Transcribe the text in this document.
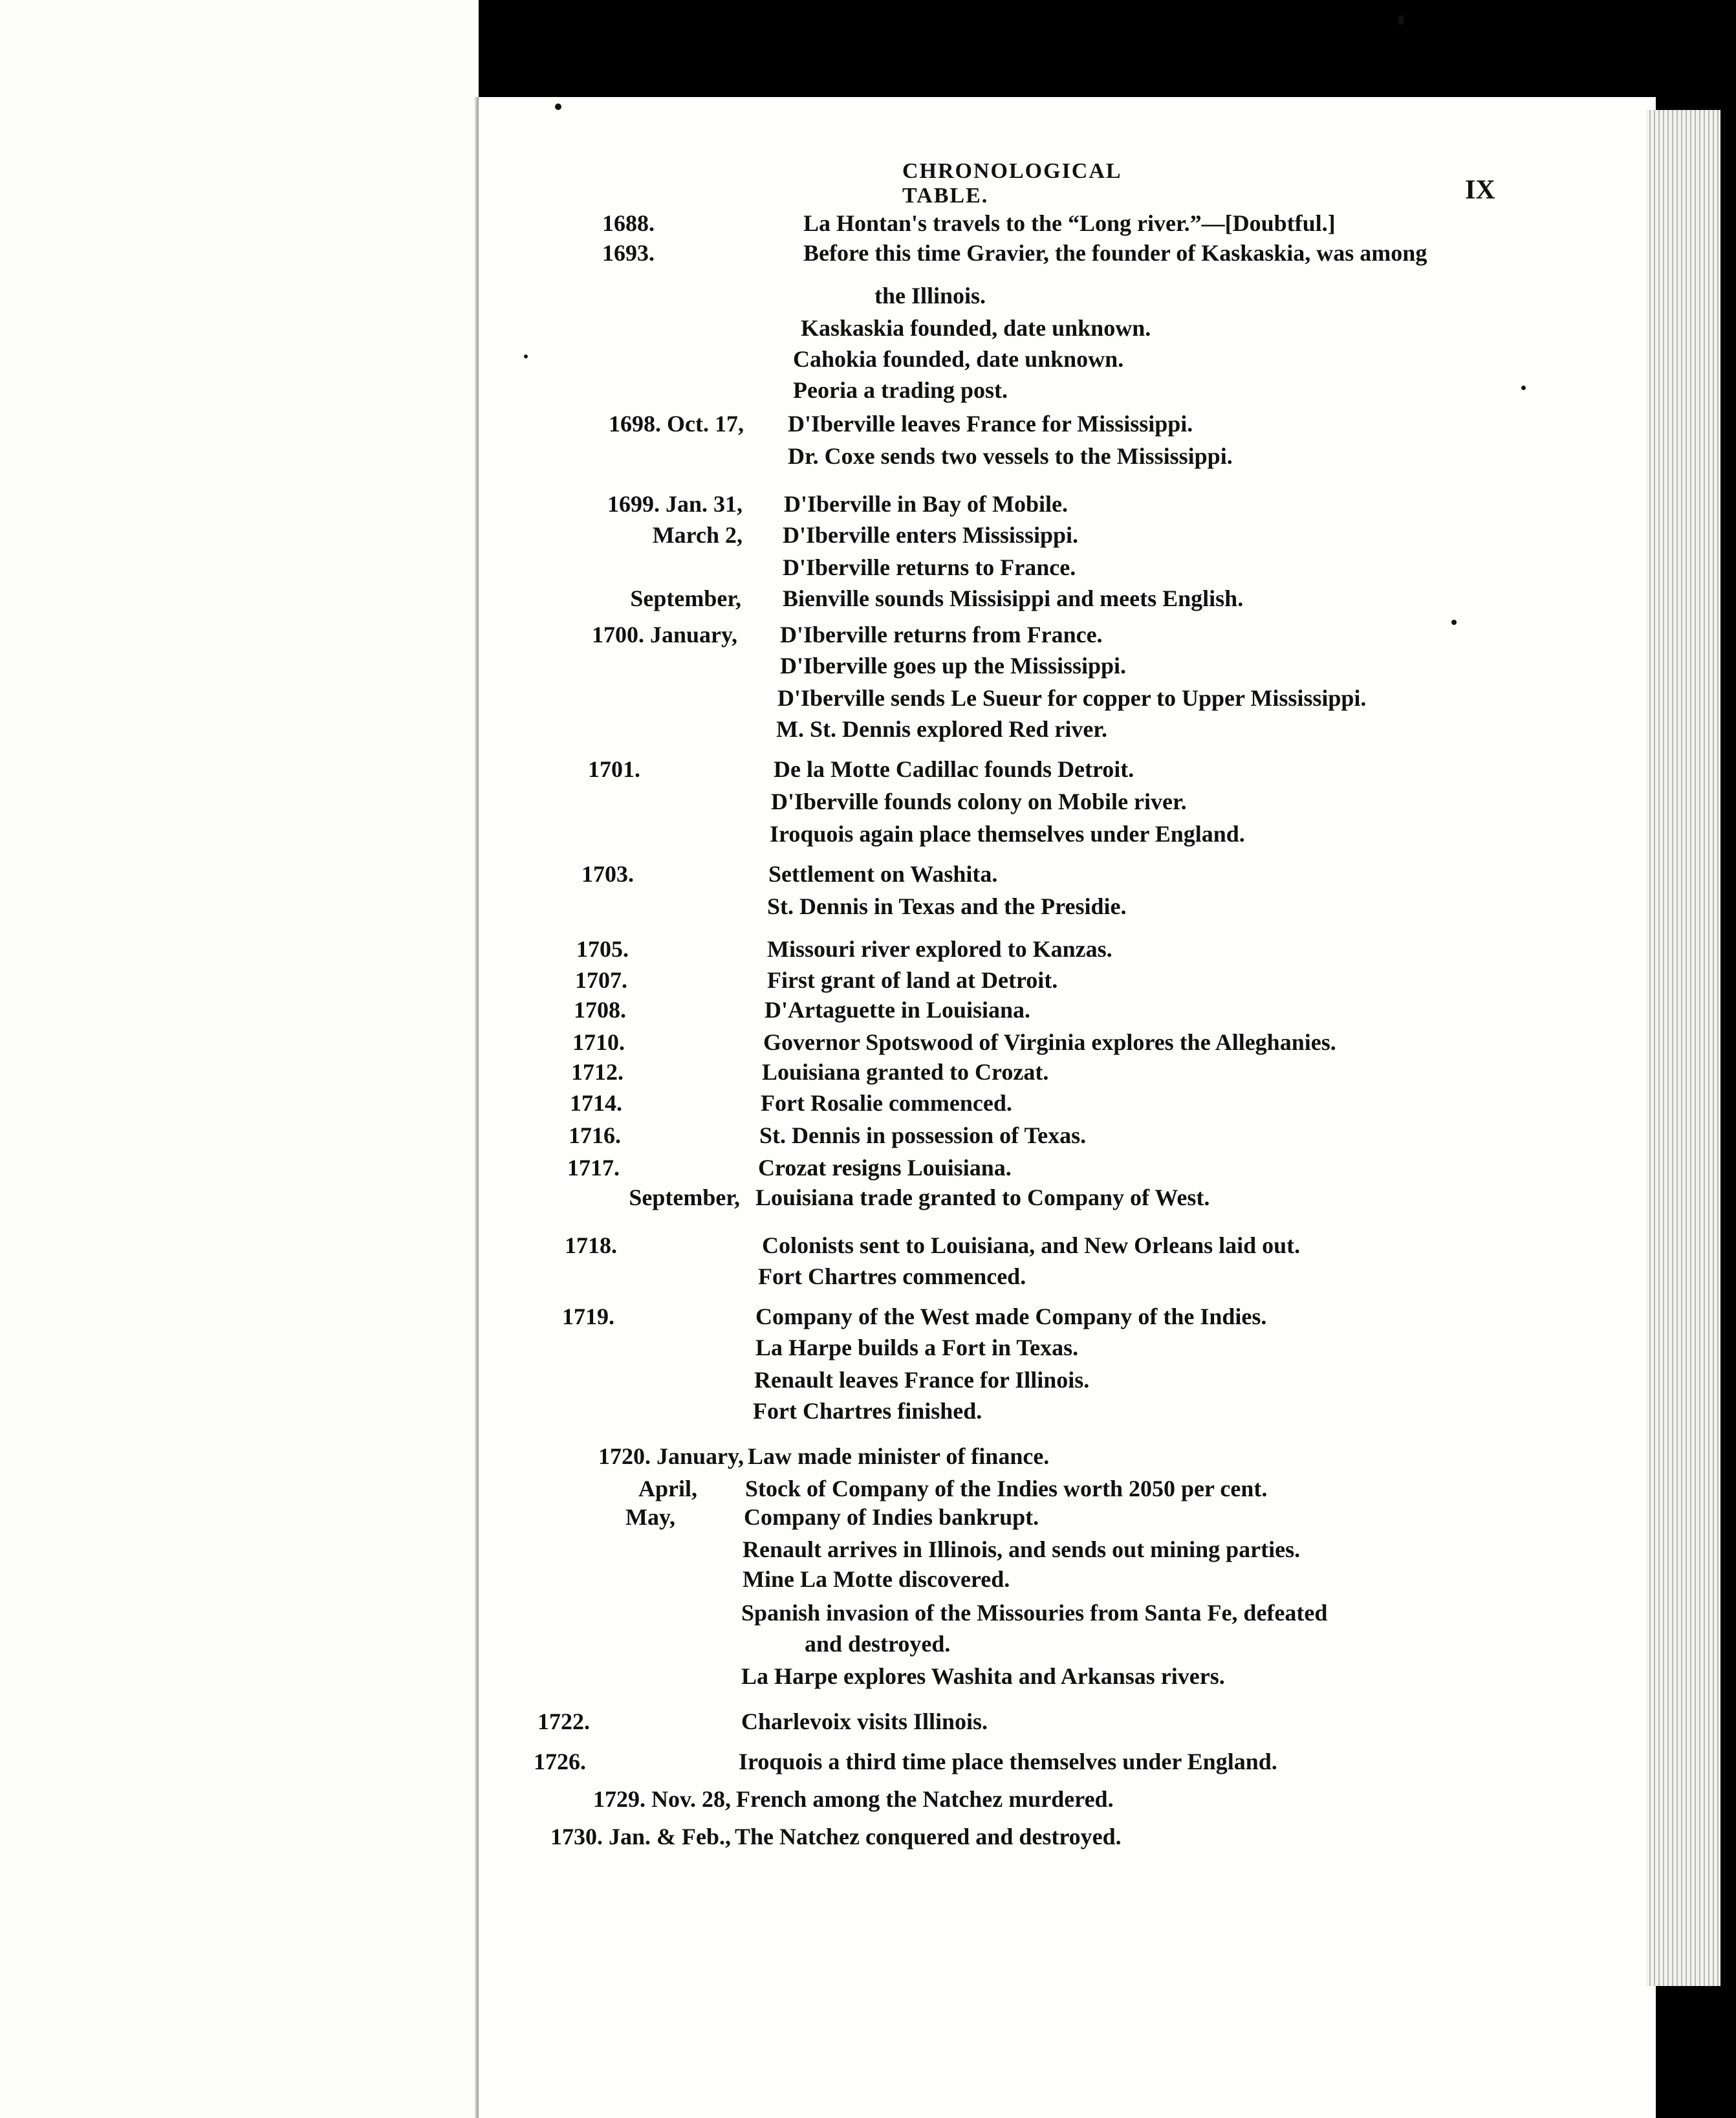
CHRONOLOGICAL TABLE.	IX
1688.	La Hontan's travels to the “Long river.”—[Doubtful.]
1693.	Before this time Gravier, the founder of Kaskaskia, was among
the Illinois.
Kaskaskia founded, date unknown.
Cahokia founded, date unknown.
Peoria a trading post.
1698. Oct. 17, D'Iberville leaves France for Mississippi.
Dr. Coxe sends two vessels to the Mississippi.
1699. Jan. 31, D'Iberville in Bay of Mobile.
March 2, D'Iberville enters Mississippi.
D'Iberville returns to France.
September, Bienville sounds Missisippi and meets English.
1700. January, D'Iberville returns from France.
D'Iberville goes up the Mississippi.
D'Iberville sends Le Sueur for copper to Upper Mississippi.
M. St. Dennis explored Red river.
1701.	De la Motte Cadillac founds Detroit.
D'Iberville founds colony on Mobile river.
Iroquois again place themselves under England.
1703.	Settlement on Washita.
St. Dennis in Texas and the Presidie.
1705.	Missouri river explored to Kanzas.
1707.	First grant of land at Detroit.
1708.	D'Artaguette in Louisiana.
1710.	Governor Spotswood of Virginia explores the Alleghanies.
1712.	Louisiana granted to Crozat.
1714.	Fort Rosalie commenced.
1716.	St. Dennis in possession of Texas.
1717.	Crozat resigns Louisiana.
September, Louisiana trade granted to Company of West.
1718.	Colonists sent to Louisiana, and New Orleans laid out.
Fort Chartres commenced.
1719.	Company of the West made Company of the Indies.
La Harpe builds a Fort in Texas.
Renault leaves France for Illinois.
Fort Chartres finished.
1720. January, Law made minister of finance.
April, Stock of Company of the Indies worth 2050 per cent.
May,	Company of Indies bankrupt.
Renault arrives in Illinois, and sends out mining parties.
Mine La Motte discovered.
Spanish invasion of the Missouries from Santa Fe, defeated
and destroyed.
La Harpe explores Washita and Arkansas rivers.
1722.	Charlevoix visits Illinois.
1726.	Iroquois a third time place themselves under England.
1729. Nov. 28, French among the Natchez murdered.
1730. Jan. & Feb., The Natchez conquered and destroyed.
